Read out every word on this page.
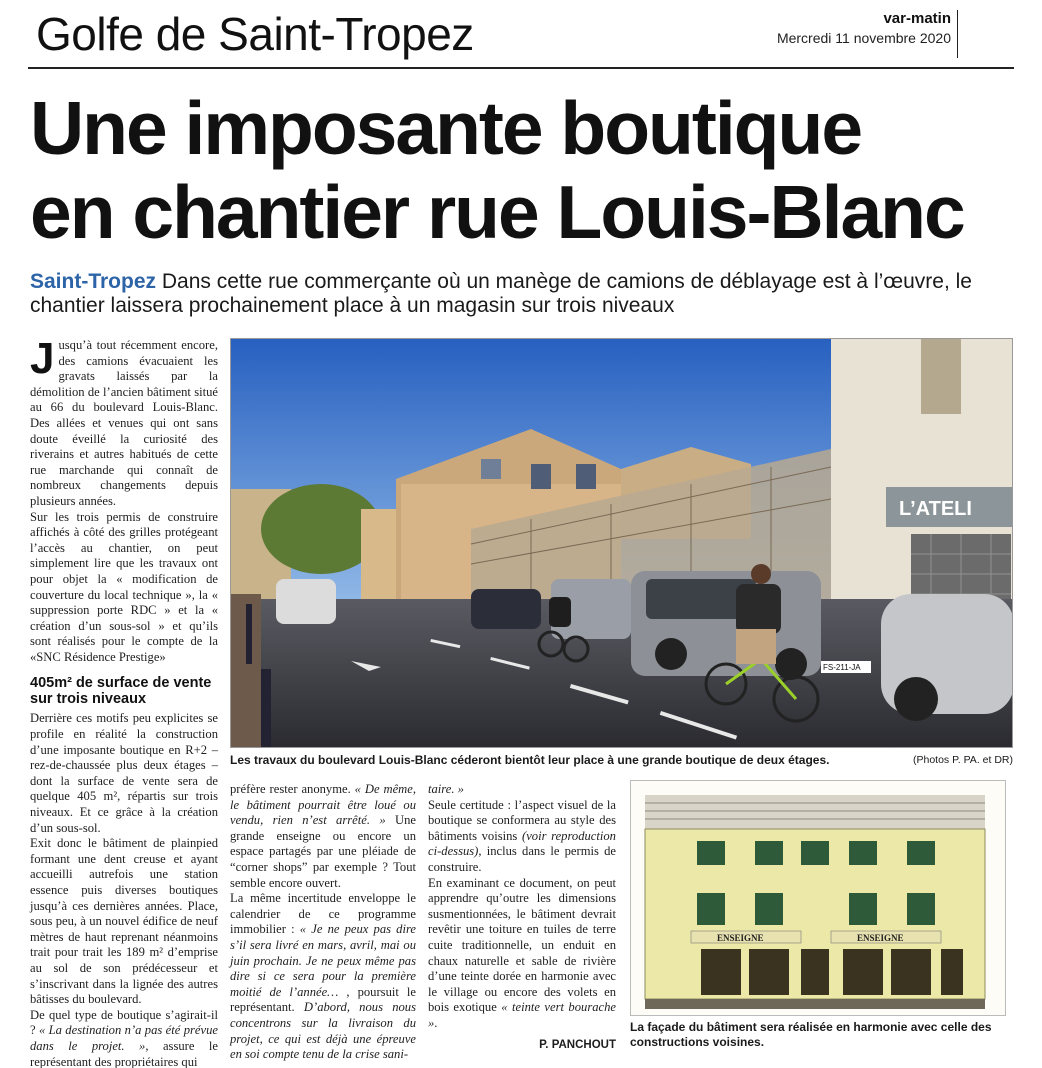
Golfe de Saint-Tropez	var-matin
Mercredi 11 novembre 2020
Une imposante boutique
en chantier rue Louis-Blanc
Saint-Tropez Dans cette rue commerçante où un manège de camions de déblayage est à l’œuvre, le chantier laissera prochainement place à un magasin sur trois niveaux

Jusqu’à tout récemment encore, des camions évacuaient les gravats laissés par la démolition de l’ancien bâtiment situé au 66 du boulevard Louis-Blanc. Des allées et venues qui ont sans doute éveillé la curiosité des riverains et autres habitués de cette rue marchande qui connaît de nombreux changements depuis plusieurs années.

Sur les trois permis de construire affichés à côté des grilles protégeant l’accès au chantier, on peut simplement lire que les travaux ont pour objet la « modification de couverture du local technique », la « suppression porte RDC » et la « création d’un sous-sol » et qu’ils sont réalisés pour le compte de la «SNC Résidence Prestige»

405m² de surface de vente sur trois niveaux

Derrière ces motifs peu explicites se profile en réalité la construction d’une imposante boutique en R+2 – rez-de-chaussée plus deux étages – dont la surface de vente sera de quelque 405 m², répartis sur trois niveaux. Et ce grâce à la création d’un sous-sol.

Exit donc le bâtiment de plainpied formant une dent creuse et ayant accueilli autrefois une station essence puis diverses boutiques jusqu’à ces dernières années. Place, sous peu, à un nouvel édifice de neuf mètres de haut reprenant néanmoins trait pour trait les 189 m² d’emprise au sol de son prédécesseur et s’inscrivant dans la lignée des autres bâtisses du boulevard.

De quel type de boutique s’agirait-il ? « La destination n’a pas été prévue dans le projet. », assure le représentant des propriétaires qui

L’ATELI
FS-211-JA
Les travaux du boulevard Louis-Blanc céderont bientôt leur place à une grande boutique de deux étages.	(Photos P. PA. et DR)

préfère rester anonyme. « De même, le bâtiment pourrait être loué ou vendu, rien n’est arrêté. » Une grande enseigne ou encore un espace partagés par une pléiade de “corner shops” par exemple ? Tout semble encore ouvert.

La même incertitude enveloppe le calendrier de ce programme immobilier : « Je ne peux pas dire s’il sera livré en mars, avril, mai ou juin prochain. Je ne peux même pas dire si ce sera pour la première moitié de l’année… , poursuit le représentant. D’abord, nous nous concentrons sur la livraison du projet, ce qui est déjà une épreuve en soi compte tenu de la crise sani-

taire. »

Seule certitude : l’aspect visuel de la boutique se conformera au style des bâtiments voisins (voir reproduction ci-dessus), inclus dans le permis de construire.

En examinant ce document, on peut apprendre qu’outre les dimensions susmentionnées, le bâtiment devrait revêtir une toiture en tuiles de terre cuite traditionnelle, un enduit en chaux naturelle et sable de rivière d’une teinte dorée en harmonie avec le village ou encore des volets en bois exotique « teinte vert bourache ».

P. PANCHOUT
ENSEIGNE	ENSEIGNE
La façade du bâtiment sera réalisée en harmonie avec celle des constructions voisines.
